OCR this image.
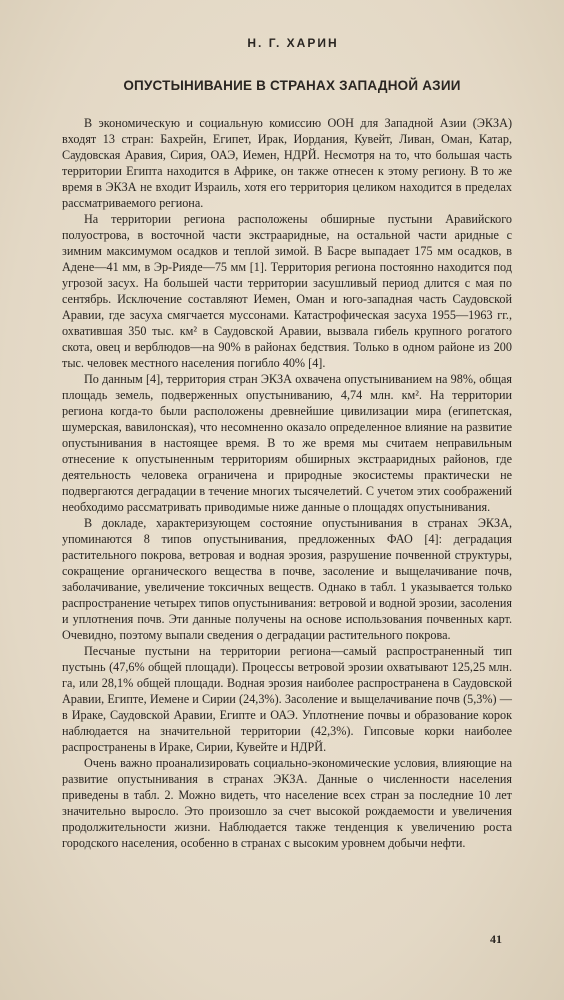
Н. Г. ХАРИН
ОПУСТЫНИВАНИЕ В СТРАНАХ ЗАПАДНОЙ АЗИИ

В экономическую и социальную комиссию ООН для Западной Азии (ЭКЗА) входят 13 стран: Бахрейн, Египет, Ирак, Иордания, Кувейт, Ливан, Оман, Катар, Саудовская Аравия, Сирия, ОАЭ, Иемен, НДРЙ. Несмотря на то, что большая часть территории Египта находится в Африке, он также отнесен к этому региону. В то же время в ЭКЗА не входит Израиль, хотя его территория целиком находится в пределах рассматриваемого региона.

На территории региона расположены обширные пустыни Аравийского полуострова, в восточной части экстрааридные, на остальной части аридные с зимним максимумом осадков и теплой зимой. В Басре выпадает 175 мм осадков, в Адене—41 мм, в Эр-Рияде—75 мм [1]. Территория региона постоянно находится под угрозой засух. На большей части территории засушливый период длится с мая по сентябрь. Исключение составляют Иемен, Оман и юго-западная часть Саудовской Аравии, где засуха смягчается муссонами. Катастрофическая засуха 1955—1963 гг., охватившая 350 тыс. км² в Саудовской Аравии, вызвала гибель крупного рогатого скота, овец и верблюдов—на 90% в районах бедствия. Только в одном районе из 200 тыс. человек местного населения погибло 40% [4].

По данным [4], территория стран ЭКЗА охвачена опустыниванием на 98%, общая площадь земель, подверженных опустыниванию, 4,74 млн. км². На территории региона когда-то были расположены древнейшие цивилизации мира (египетская, шумерская, вавилонская), что несомненно оказало определенное влияние на развитие опустынивания в настоящее время. В то же время мы считаем неправильным отнесение к опустыненным территориям обширных экстрааридных районов, где деятельность человека ограничена и природные экосистемы практически не подвергаются деградации в течение многих тысячелетий. С учетом этих соображений необходимо рассматривать приводимые ниже данные о площадях опустынивания.

В докладе, характеризующем состояние опустынивания в странах ЭКЗА, упоминаются 8 типов опустынивания, предложенных ФАО [4]: деградация растительного покрова, ветровая и водная эрозия, разрушение почвенной структуры, сокращение органического вещества в почве, засоление и выщелачивание почв, заболачивание, увеличение токсичных веществ. Однако в табл. 1 указывается только распространение четырех типов опустынивания: ветровой и водной эрозии, засоления и уплотнения почв. Эти данные получены на основе использования почвенных карт. Очевидно, поэтому выпали сведения о деградации растительного покрова.

Песчаные пустыни на территории региона—самый распространенный тип пустынь (47,6% общей площади). Процессы ветровой эрозии охватывают 125,25 млн. га, или 28,1% общей площади. Водная эрозия наиболее распространена в Саудовской Аравии, Египте, Иемене и Сирии (24,3%). Засоление и выщелачивание почв (5,3%) — в Ираке, Саудовской Аравии, Египте и ОАЭ. Уплотнение почвы и образование корок наблюдается на значительной территории (42,3%). Гипсовые корки наиболее распространены в Ираке, Сирии, Кувейте и НДРЙ.

Очень важно проанализировать социально-экономические условия, влияющие на развитие опустынивания в странах ЭКЗА. Данные о численности населения приведены в табл. 2. Можно видеть, что население всех стран за последние 10 лет значительно выросло. Это произошло за счет высокой рождаемости и увеличения продолжительности жизни. Наблюдается также тенденция к увеличению роста городского населения, особенно в странах с высоким уровнем добычи нефти.

41
